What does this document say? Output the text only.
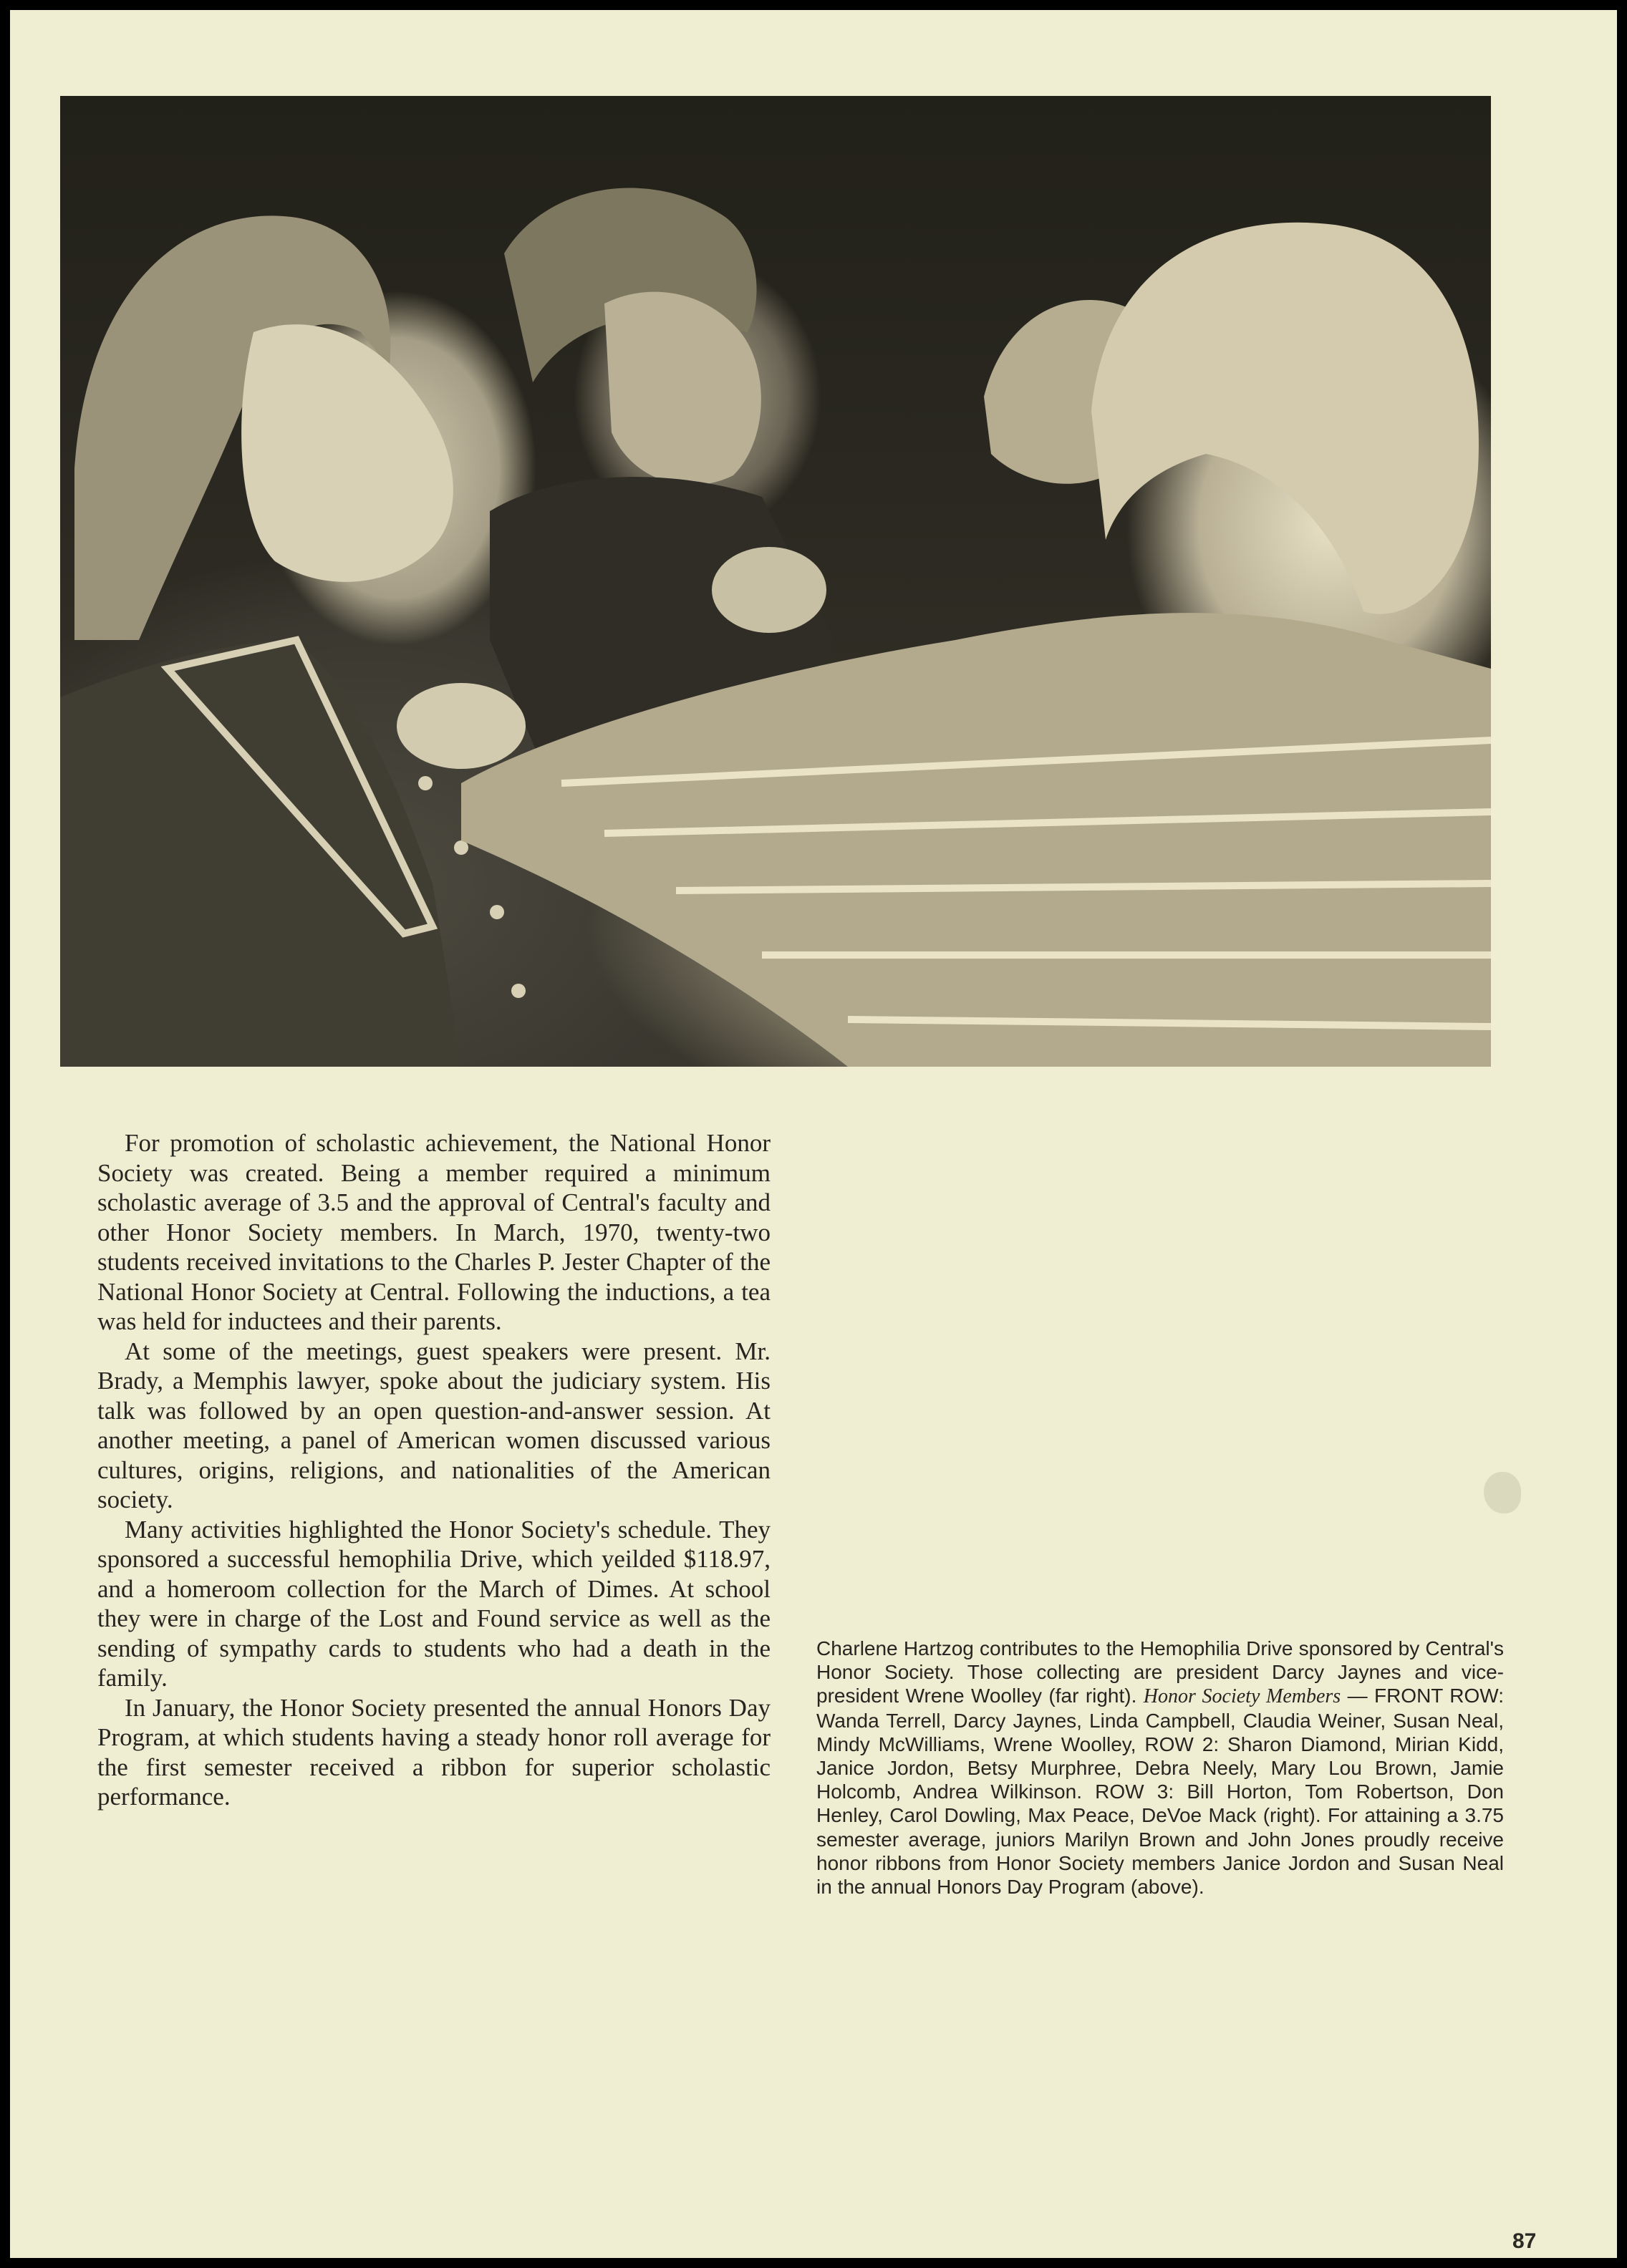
For promotion of scholastic achievement, the National Honor Society was created. Being a member required a minimum scholastic average of 3.5 and the approval of Central's faculty and other Honor Society members. In March, 1970, twenty-two students received invitations to the Charles P. Jester Chapter of the National Honor Society at Central. Following the inductions, a tea was held for inductees and their parents.

At some of the meetings, guest speakers were present. Mr. Brady, a Memphis lawyer, spoke about the judiciary system. His talk was followed by an open question-and-answer session. At another meeting, a panel of American women discussed various cultures, origins, religions, and nationalities of the American society.

Many activities highlighted the Honor Society's schedule. They sponsored a successful hemophilia Drive, which yeilded $118.97, and a homeroom collection for the March of Dimes. At school they were in charge of the Lost and Found service as well as the sending of sympathy cards to students who had a death in the family.

In January, the Honor Society presented the annual Honors Day Program, at which students having a steady honor roll average for the first semester received a ribbon for superior scholastic performance.

Charlene Hartzog contributes to the Hemophilia Drive sponsored by Central's Honor Society. Those collecting are president Darcy Jaynes and vice-president Wrene Woolley (far right). Honor Society Members — FRONT ROW: Wanda Terrell, Darcy Jaynes, Linda Campbell, Claudia Weiner, Susan Neal, Mindy McWilliams, Wrene Woolley, ROW 2: Sharon Diamond, Mirian Kidd, Janice Jordon, Betsy Murphree, Debra Neely, Mary Lou Brown, Jamie Holcomb, Andrea Wilkinson. ROW 3: Bill Horton, Tom Robertson, Don Henley, Carol Dowling, Max Peace, DeVoe Mack (right). For attaining a 3.75 semester average, juniors Marilyn Brown and John Jones proudly receive honor ribbons from Honor Society members Janice Jordon and Susan Neal in the annual Honors Day Program (above).
87
